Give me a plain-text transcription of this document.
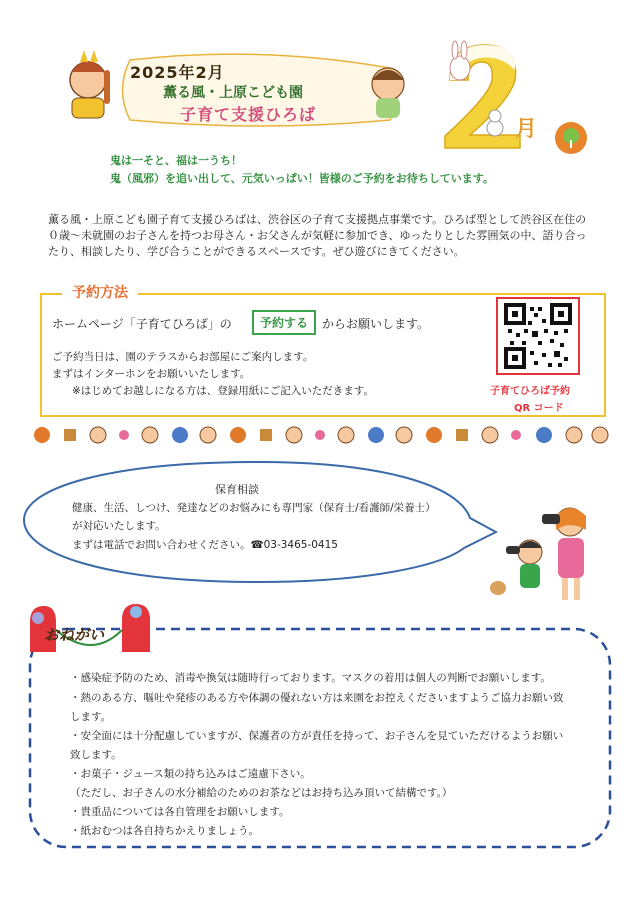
2025年2月
薫る風・上原こども園
子育て支援ひろば
月
鬼は一そと、福は一うち！
鬼（風邪）を追い出して、元気いっぱい！皆様のご予約をお待ちしています。
薫る風・上原こども園子育て支援ひろばは、渋谷区の子育て支援拠点事業です。ひろば型として渋谷区在住の０歳～未就園のお子さんを持つお母さん・お父さんが気軽に参加でき、ゆったりとした雰囲気の中、語り合ったり、相談したり、学び合うことができるスペースです。ぜひ遊びにきてください。
予約方法
ホームページ「子育てひろば」の	予約する	からお願いします。
ご予約当日は、園のテラスからお部屋にご案内します。
まずはインターホンをお願いいたします。
※はじめてお越しになる方は、登録用紙にご記入いただきます。	子育てひろば予約
QR コード
保育相談
健康、生活、しつけ、発達などのお悩みにも専門家（保育士/看護師/栄養士）
が対応いたします。
まずは電話でお問い合わせください。☎03-3465-0415
おねがい
・感染症予防のため、消毒や換気は随時行っております。マスクの着用は個人の判断でお願いします。
・熱のある方、嘔吐や発疹のある方や体調の優れない方は来園をお控えくださいますようご協力お願い致
します。
・安全面には十分配慮していますが、保護者の方が責任を持って、お子さんを見ていただけるようお願い
致します。
・お菓子・ジュース類の持ち込みはご遠慮下さい。
（ただし、お子さんの水分補給のためのお茶などはお持ち込み頂いて結構です。）
・貴重品については各自管理をお願いします。
・紙おむつは各自持ちかえりましょう。
